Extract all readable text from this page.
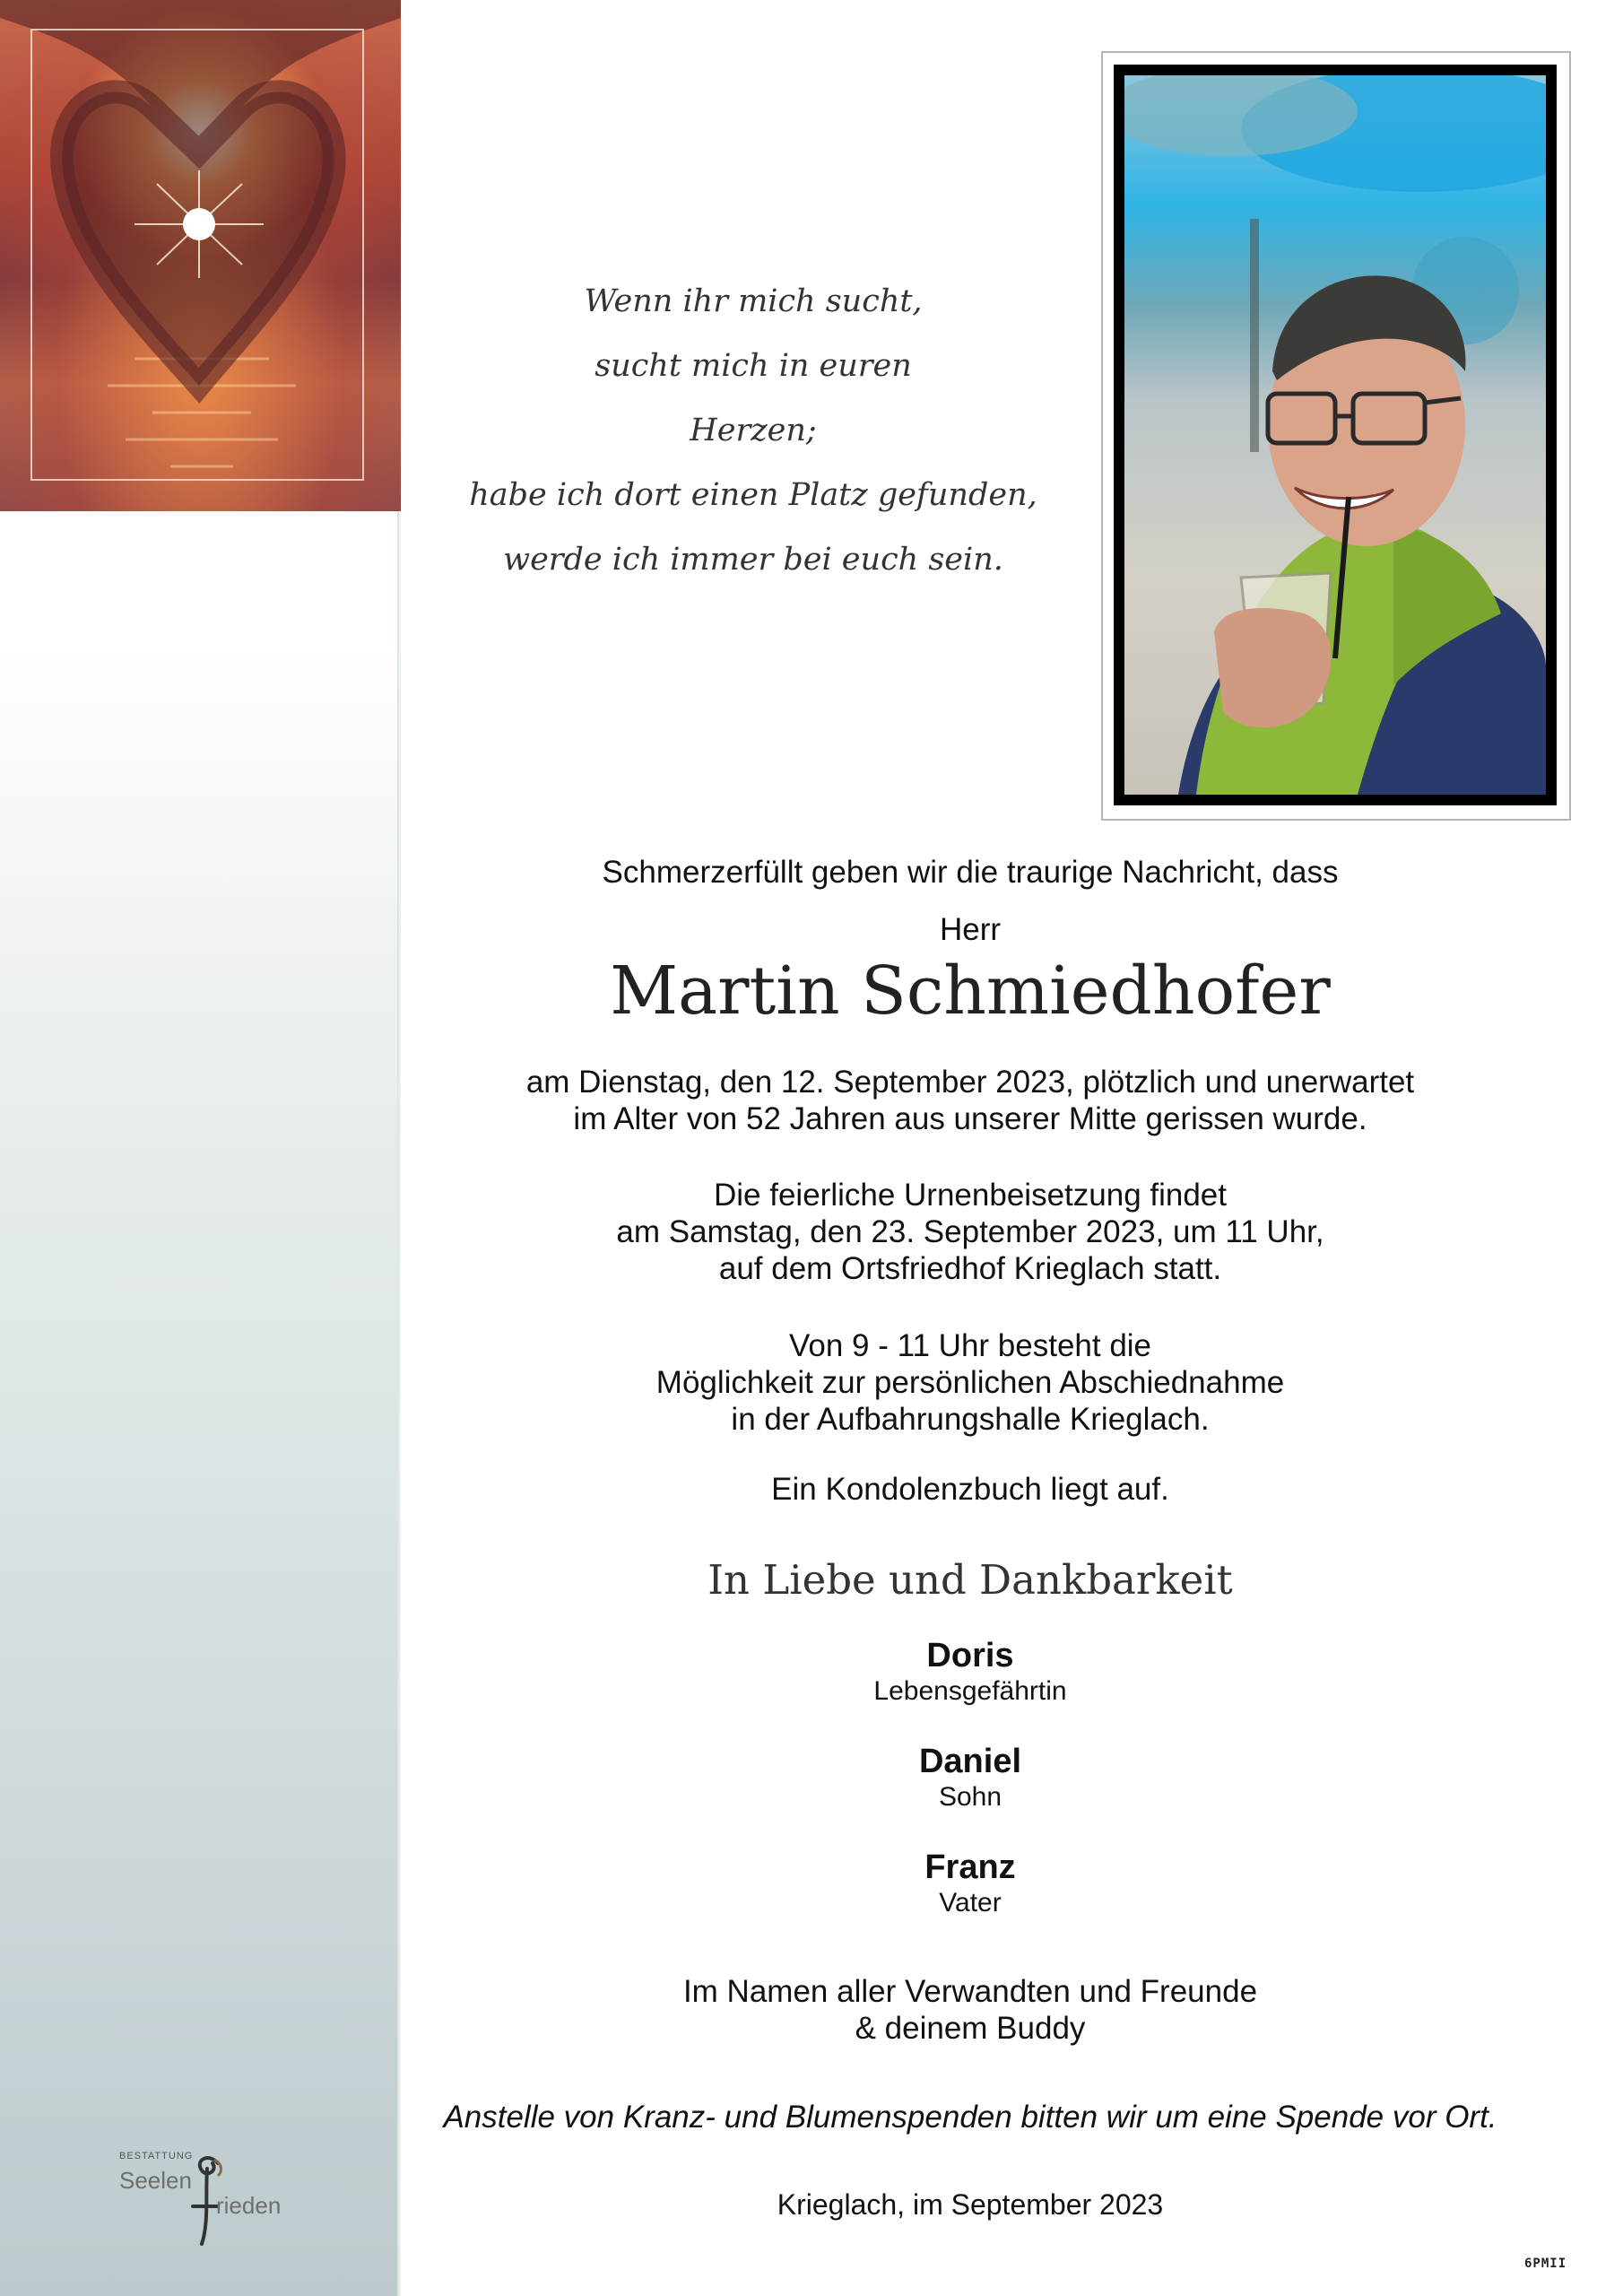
Wenn ihr mich sucht,
sucht mich in euren
Herzen;
habe ich dort einen Platz gefunden,
werde ich immer bei euch sein.
Schmerzerfüllt geben wir die traurige Nachricht, dass
Herr
Martin Schmiedhofer
am Dienstag, den 12. September 2023, plötzlich und unerwartet
im Alter von 52 Jahren aus unserer Mitte gerissen wurde.
Die feierliche Urnenbeisetzung findet
am Samstag, den 23. September 2023, um 11 Uhr,
auf dem Ortsfriedhof Krieglach statt.
Von 9 - 11 Uhr besteht die
Möglichkeit zur persönlichen Abschiednahme
in der Aufbahrungshalle Krieglach.
Ein Kondolenzbuch liegt auf.
In Liebe und Dankbarkeit
Doris
Lebensgefährtin
Daniel
Sohn
Franz
Vater
Im Namen aller Verwandten und Freunde
& deinem Buddy
Anstelle von Kranz- und Blumenspenden bitten wir um eine Spende vor Ort.
Krieglach, im September 2023
BESTATTUNG
Seelen
rieden
6PMII
